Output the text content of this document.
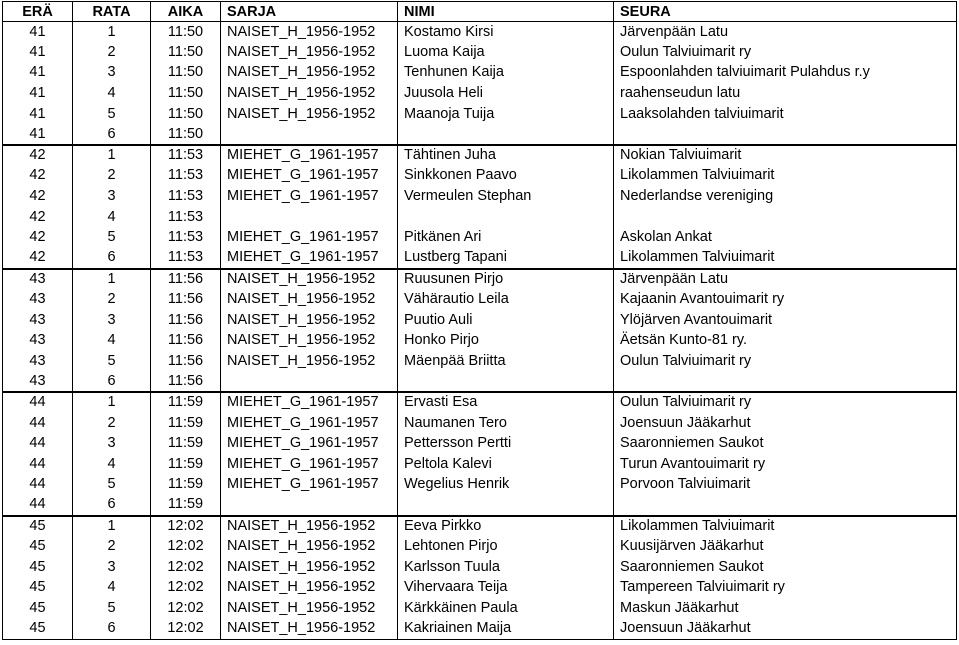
ERÄ	RATA	AIKA	SARJA	NIMI	SEURA
41	1	11:50	NAISET_H_1956-1952	Kostamo Kirsi	Järvenpään Latu
41	2	11:50	NAISET_H_1956-1952	Luoma Kaija	Oulun Talviuimarit ry
41	3	11:50	NAISET_H_1956-1952	Tenhunen Kaija	Espoonlahden talviuimarit Pulahdus r.y
41	4	11:50	NAISET_H_1956-1952	Juusola Heli	raahenseudun latu
41	5	11:50	NAISET_H_1956-1952	Maanoja Tuija	Laaksolahden talviuimarit
41	6	11:50			
42	1	11:53	MIEHET_G_1961-1957	Tähtinen Juha	Nokian Talviuimarit
42	2	11:53	MIEHET_G_1961-1957	Sinkkonen Paavo	Likolammen Talviuimarit
42	3	11:53	MIEHET_G_1961-1957	Vermeulen Stephan	Nederlandse vereniging
42	4	11:53			
42	5	11:53	MIEHET_G_1961-1957	Pitkänen Ari	Askolan Ankat
42	6	11:53	MIEHET_G_1961-1957	Lustberg Tapani	Likolammen Talviuimarit
43	1	11:56	NAISET_H_1956-1952	Ruusunen Pirjo	Järvenpään Latu
43	2	11:56	NAISET_H_1956-1952	Vähärautio Leila	Kajaanin Avantouimarit ry
43	3	11:56	NAISET_H_1956-1952	Puutio Auli	Ylöjärven Avantouimarit
43	4	11:56	NAISET_H_1956-1952	Honko Pirjo	Äetsän Kunto-81 ry.
43	5	11:56	NAISET_H_1956-1952	Mäenpää Briitta	Oulun Talviuimarit ry
43	6	11:56			
44	1	11:59	MIEHET_G_1961-1957	Ervasti Esa	Oulun Talviuimarit ry
44	2	11:59	MIEHET_G_1961-1957	Naumanen Tero	Joensuun Jääkarhut
44	3	11:59	MIEHET_G_1961-1957	Pettersson Pertti	Saaronniemen Saukot
44	4	11:59	MIEHET_G_1961-1957	Peltola Kalevi	Turun Avantouimarit ry
44	5	11:59	MIEHET_G_1961-1957	Wegelius Henrik	Porvoon Talviuimarit
44	6	11:59			
45	1	12:02	NAISET_H_1956-1952	Eeva Pirkko	Likolammen Talviuimarit
45	2	12:02	NAISET_H_1956-1952	Lehtonen Pirjo	Kuusijärven Jääkarhut
45	3	12:02	NAISET_H_1956-1952	Karlsson Tuula	Saaronniemen Saukot
45	4	12:02	NAISET_H_1956-1952	Vihervaara Teija	Tampereen Talviuimarit ry
45	5	12:02	NAISET_H_1956-1952	Kärkkäinen Paula	Maskun Jääkarhut
45	6	12:02	NAISET_H_1956-1952	Kakriainen Maija	Joensuun Jääkarhut
